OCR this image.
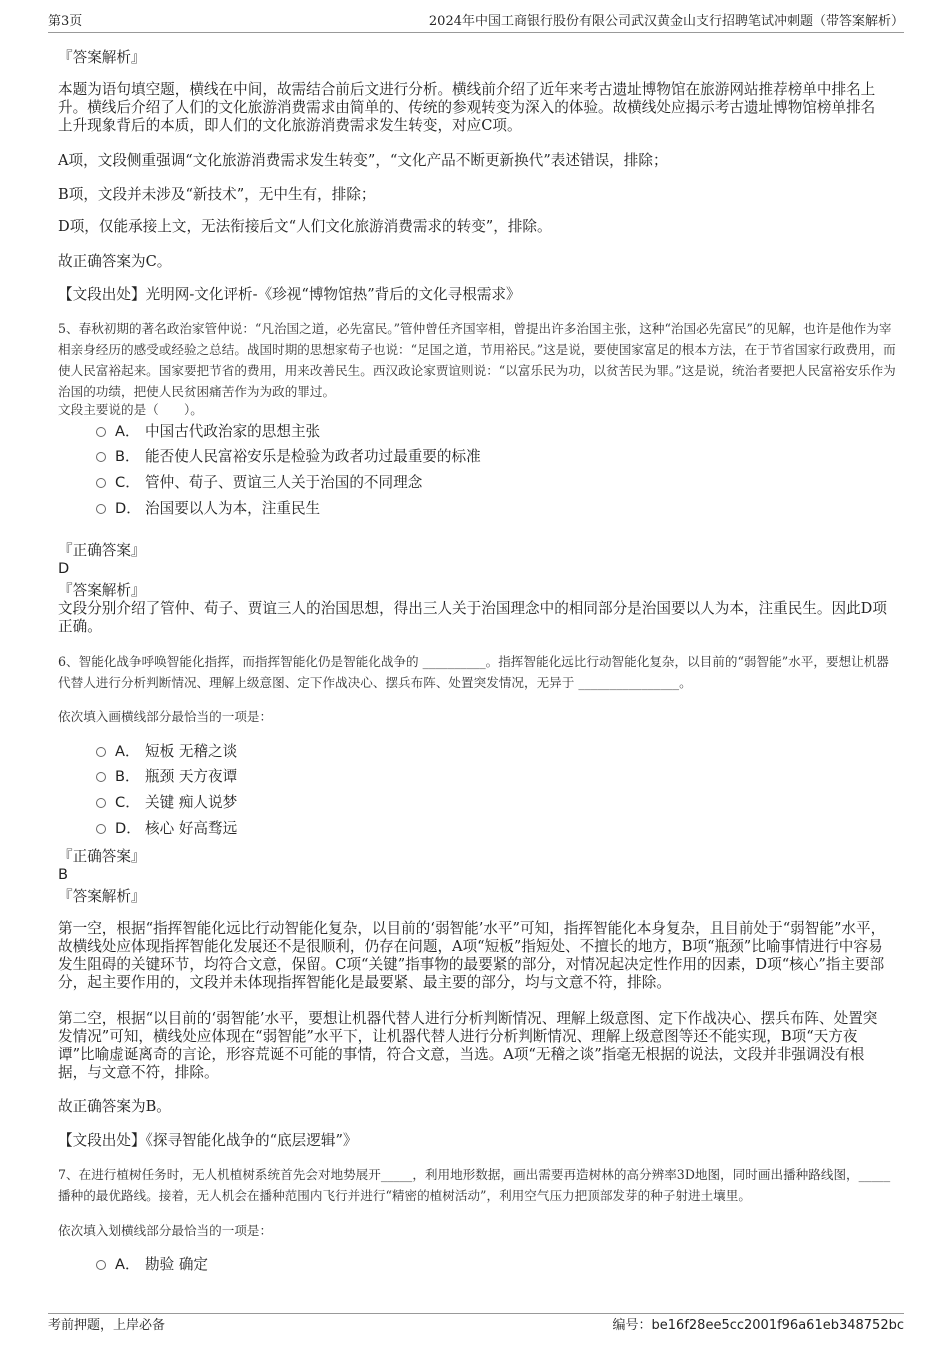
第3页	2024年中国工商银行股份有限公司武汉黄金山支行招聘笔试冲刺题（带答案解析）
『答案解析』
本题为语句填空题，横线在中间，故需结合前后文进行分析。横线前介绍了近年来考古遗址博物馆在旅游网站推荐榜单中排名上升。横线后介绍了人们的文化旅游消费需求由简单的、传统的参观转变为深入的体验。故横线处应揭示考古遗址博物馆榜单排名上升现象背后的本质，即人们的文化旅游消费需求发生转变，对应C项。
A项，文段侧重强调“文化旅游消费需求发生转变”，“文化产品不断更新换代”表述错误，排除；
B项，文段并未涉及“新技术”，无中生有，排除；
D项，仅能承接上文，无法衔接后文“人们文化旅游消费需求的转变”，排除。
故正确答案为C。
【文段出处】光明网-文化评析-《珍视“博物馆热”背后的文化寻根需求》
5、春秋初期的著名政治家管仲说：“凡治国之道，必先富民。”管仲曾任齐国宰相，曾提出许多治国主张，这种“治国必先富民”的见解，也许是他作为宰相亲身经历的感受或经验之总结。战国时期的思想家荀子也说：“足国之道，节用裕民。”这是说，要使国家富足的根本方法，在于节省国家行政费用，而使人民富裕起来。国家要把节省的费用，用来改善民生。西汉政论家贾谊则说：“以富乐民为功，以贫苦民为罪。”这是说，统治者要把人民富裕安乐作为治国的功绩，把使人民贫困痛苦作为为政的罪过。
文段主要说的是（　　）。
A． 中国古代政治家的思想主张
B． 能否使人民富裕安乐是检验为政者功过最重要的标准
C． 管仲、荀子、贾谊三人关于治国的不同理念
D． 治国要以人为本，注重民生
『正确答案』
D
『答案解析』
文段分别介绍了管仲、荀子、贾谊三人的治国思想，得出三人关于治国理念中的相同部分是治国要以人为本，注重民生。因此D项正确。
6、智能化战争呼唤智能化指挥，而指挥智能化仍是智能化战争的 __________。指挥智能化远比行动智能化复杂，以目前的“弱智能”水平，要想让机器代替人进行分析判断情况、理解上级意图、定下作战决心、摆兵布阵、处置突发情况，无异于 ________________。
依次填入画横线部分最恰当的一项是：
A． 短板 无稽之谈
B． 瓶颈 天方夜谭
C． 关键 痴人说梦
D． 核心 好高骛远
『正确答案』
B
『答案解析』
第一空，根据“指挥智能化远比行动智能化复杂，以目前的‘弱智能’水平”可知，指挥智能化本身复杂，且目前处于“弱智能”水平，故横线处应体现指挥智能化发展还不是很顺利，仍存在问题，A项“短板”指短处、不擅长的地方，B项“瓶颈”比喻事情进行中容易发生阻碍的关键环节，均符合文意，保留。C项“关键”指事物的最要紧的部分，对情况起决定性作用的因素，D项“核心”指主要部分，起主要作用的，文段并未体现指挥智能化是最要紧、最主要的部分，均与文意不符，排除。
第二空，根据“以目前的‘弱智能’水平，要想让机器代替人进行分析判断情况、理解上级意图、定下作战决心、摆兵布阵、处置突发情况”可知，横线处应体现在“弱智能”水平下，让机器代替人进行分析判断情况、理解上级意图等还不能实现，B项“天方夜谭”比喻虚诞离奇的言论，形容荒诞不可能的事情，符合文意，当选。A项“无稽之谈”指毫无根据的说法，文段并非强调没有根据，与文意不符，排除。
故正确答案为B。
【文段出处】《探寻智能化战争的“底层逻辑”》
7、在进行植树任务时，无人机植树系统首先会对地势展开_____，利用地形数据，画出需要再造树林的高分辨率3D地图，同时画出播种路线图，_____播种的最优路线。接着，无人机会在播种范围内飞行并进行“精密的植树活动”，利用空气压力把顶部发芽的种子射进土壤里。
依次填入划横线部分最恰当的一项是：
A． 勘验 确定
考前押题，上岸必备	编号：be16f28ee5cc2001f96a61eb348752bc
